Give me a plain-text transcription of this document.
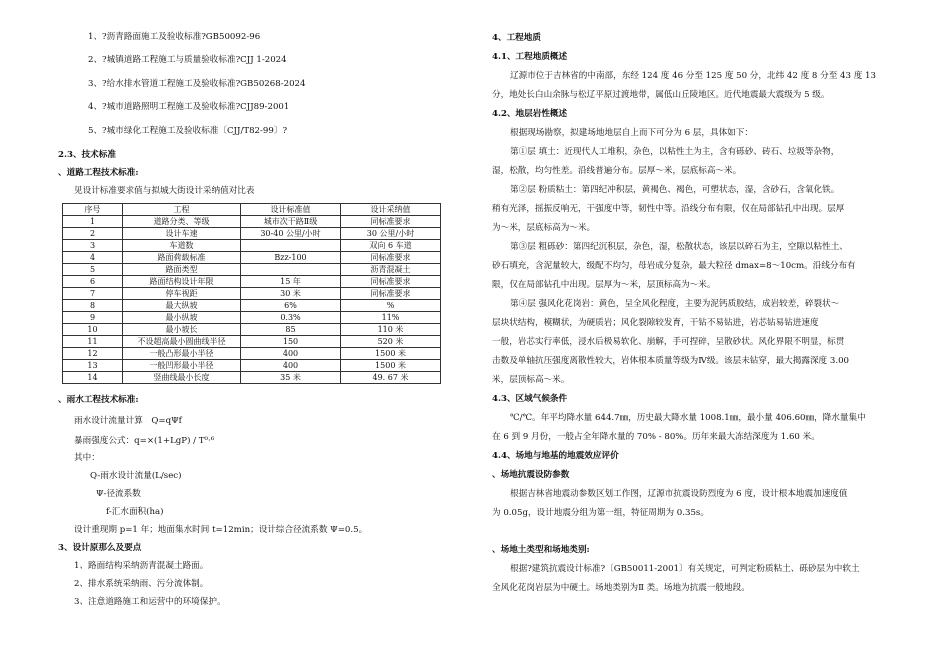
1、?沥青路面施工及验收标准?GB50092-96
2、?城镇道路工程施工与质量验收标准?CJJ 1-2024
3、?给水排水管道工程施工及验收标准?GB50268-2024
4、?城市道路照明工程施工及验收标准?CJJ89-2001
5、?城市绿化工程施工及验收标准〔CJJ/T82-99〕?
2.3、技术标准
、道路工程技术标准:
见设计标准要求值与拟城大街设计采纳值对比表
序号	工程	设计标准值	设计采纳值
1	道路分类、等级	城市次干路Ⅱ级	同标准要求
2	设计车速	30-40 公里/小时	30 公里/小时
3	车道数		双向 6 车道
4	路面荷载标准	Bzz-100	同标准要求
5	路面类型		沥青混凝土
6	路面结构设计年限	15 年	同标准要求
7	停车视距	30 米	同标准要求
8	最大纵坡	6%	%
9	最小纵坡	0.3%	11%
10	最小坡长	85	110 米
11	不设超高最小圆曲线半径	150	520 米
12	一般凸形最小半径	400	1500 米
13	一般凹形最小半径	400	1500 米
14	竖曲线最小长度	35 米	49. 67 米
、雨水工程技术标准:
雨水设计流量计算　Q=qΨf
暴雨强度公式：q=×(1+LgP) / T⁰·⁶
其中：
Q-雨水设计流量(L/sec)
Ψ-径流系数
f-汇水面积(ha)
设计重现期 p=1 年；地面集水时间 t=12min；设计综合径流系数 Ψ=0.5。
3、设计原那么及要点
1、路面结构采纳沥青混凝土路面。
2、排水系统采纳雨、污分流体制。
3、注意道路施工和运营中的环境保护。
4、工程地质
4.1、工程地质概述
辽源市位于吉林省的中南部，东经 124 度 46 分至 125 度 50 分，北纬 42 度 8 分至 43 度 13
分，地处长白山余脉与松辽平原过渡地带，属低山丘陵地区。近代地震最大震级为 5 级。
4.2、地层岩性概述
根据现场勘察，拟建场地地层自上而下可分为 6 层，具体如下：
第①层 填土：近现代人工堆积，杂色，以粘性土为主，含有砾砂、砖石、垃圾等杂物，
湿，松散，均匀性差。沿线普遍分布。层厚～米，层底标高～米。
第②层 粉质粘土：第四纪冲积层，黄褐色、褐色，可塑状态，湿，含砂石，含氧化铁。
稍有光泽，摇振反响无，干强度中等，韧性中等。沿线分布有限，仅在局部钻孔中出现。层厚
为～米，层底标高为～米。
第③层 粗砾砂：第四纪沉积层，杂色，湿，松散状态，该层以碎石为主，空隙以粘性土、
砂石填充，含泥量较大，级配不均匀，母岩成分复杂，最大粒径 dmax=8～10cm。沿线分布有
限，仅在局部钻孔中出现。层厚为～米，层顶标高为～米。
第④层 强风化花岗岩：黄色，呈全风化程度，主要为泥钙质胶结，成岩较差，碎裂状～
层块状结构，模糊状，为硬质岩；风化裂隙较发育，干钻不易钻进，岩芯钻易钻进速度
一般，岩芯实行率低，浸水后极易软化、崩解，手可捏碎，呈散砂状。风化界限不明显，标贯
击数及单轴抗压强度离散性较大，岩体根本质量等级为Ⅳ级。该层未钻穿，最大揭露深度 3.00
米，层顶标高～米。
4.3、区域气候条件
℃/℃。年平均降水量 644.7㎜，历史最大降水量 1008.1㎜，最小量 406.60㎜，降水量集中
在 6 到 9 月份，一般占全年降水量的 70% - 80%。历年来最大冻结深度为 1.60 米。
4.4、场地与地基的地震效应评价
、场地抗震设防参数
根据吉林省地震动参数区划工作图，辽源市抗震设防烈度为 6 度，设计根本地震加速度值
为 0.05g，设计地震分组为第一组，特征周期为 0.35s。
、场地土类型和场地类别:
根据?建筑抗震设计标准?〔GB50011-2001〕有关规定，可判定粉质粘土、砾砂层为中软土
全风化花岗岩层为中硬土。场地类别为Ⅱ 类。场地为抗震一般地段。
